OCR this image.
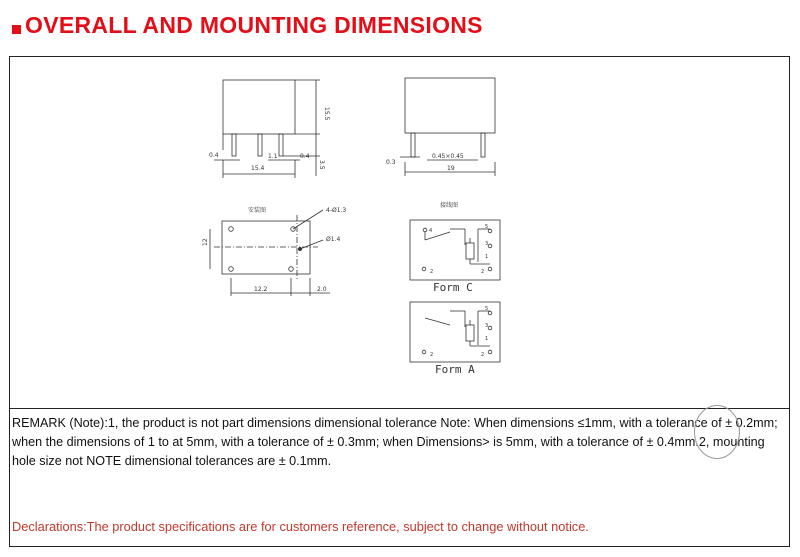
OVERALL AND MOUNTING DIMENSIONS
15.5
0.4	1.1	0.4
15.4	3.5	0.3
0.45×0.45
19
安装图	4-Ø1.3
Ø1.4
12
12.2	2.0
接线图
4
5
3
1
2	2
Form C
5
3
1
2	2
Form A
REMARK (Note):1, the product is not part dimensions dimensional tolerance Note: When dimensions ≤1mm, with a tolerance of ± 0.2mm; when the dimensions of 1 to at 5mm, with a tolerance of ± 0.3mm; when Dimensions> is 5mm, with a tolerance of ± 0.4mm.2, mounting hole size not NOTE dimensional tolerances are ± 0.1mm.
Declarations:The product specifications are for customers reference, subject to change without notice.
